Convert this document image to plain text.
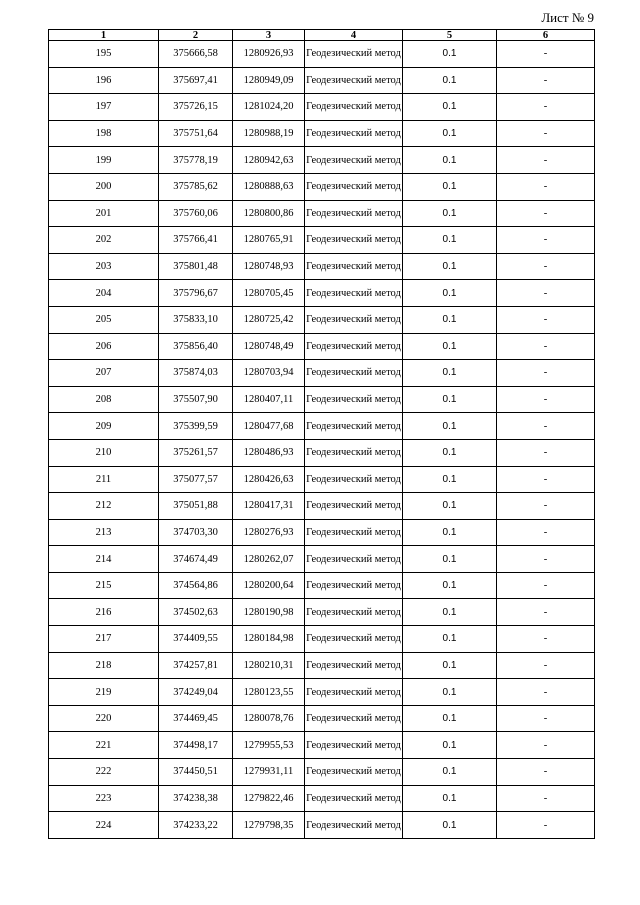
Лист № 9
1	2	3	4	5	6
195	375666,58	1280926,93	Геодезический метод	0.1	-
196	375697,41	1280949,09	Геодезический метод	0.1	-
197	375726,15	1281024,20	Геодезический метод	0.1	-
198	375751,64	1280988,19	Геодезический метод	0.1	-
199	375778,19	1280942,63	Геодезический метод	0.1	-
200	375785,62	1280888,63	Геодезический метод	0.1	-
201	375760,06	1280800,86	Геодезический метод	0.1	-
202	375766,41	1280765,91	Геодезический метод	0.1	-
203	375801,48	1280748,93	Геодезический метод	0.1	-
204	375796,67	1280705,45	Геодезический метод	0.1	-
205	375833,10	1280725,42	Геодезический метод	0.1	-
206	375856,40	1280748,49	Геодезический метод	0.1	-
207	375874,03	1280703,94	Геодезический метод	0.1	-
208	375507,90	1280407,11	Геодезический метод	0.1	-
209	375399,59	1280477,68	Геодезический метод	0.1	-
210	375261,57	1280486,93	Геодезический метод	0.1	-
211	375077,57	1280426,63	Геодезический метод	0.1	-
212	375051,88	1280417,31	Геодезический метод	0.1	-
213	374703,30	1280276,93	Геодезический метод	0.1	-
214	374674,49	1280262,07	Геодезический метод	0.1	-
215	374564,86	1280200,64	Геодезический метод	0.1	-
216	374502,63	1280190,98	Геодезический метод	0.1	-
217	374409,55	1280184,98	Геодезический метод	0.1	-
218	374257,81	1280210,31	Геодезический метод	0.1	-
219	374249,04	1280123,55	Геодезический метод	0.1	-
220	374469,45	1280078,76	Геодезический метод	0.1	-
221	374498,17	1279955,53	Геодезический метод	0.1	-
222	374450,51	1279931,11	Геодезический метод	0.1	-
223	374238,38	1279822,46	Геодезический метод	0.1	-
224	374233,22	1279798,35	Геодезический метод	0.1	-
